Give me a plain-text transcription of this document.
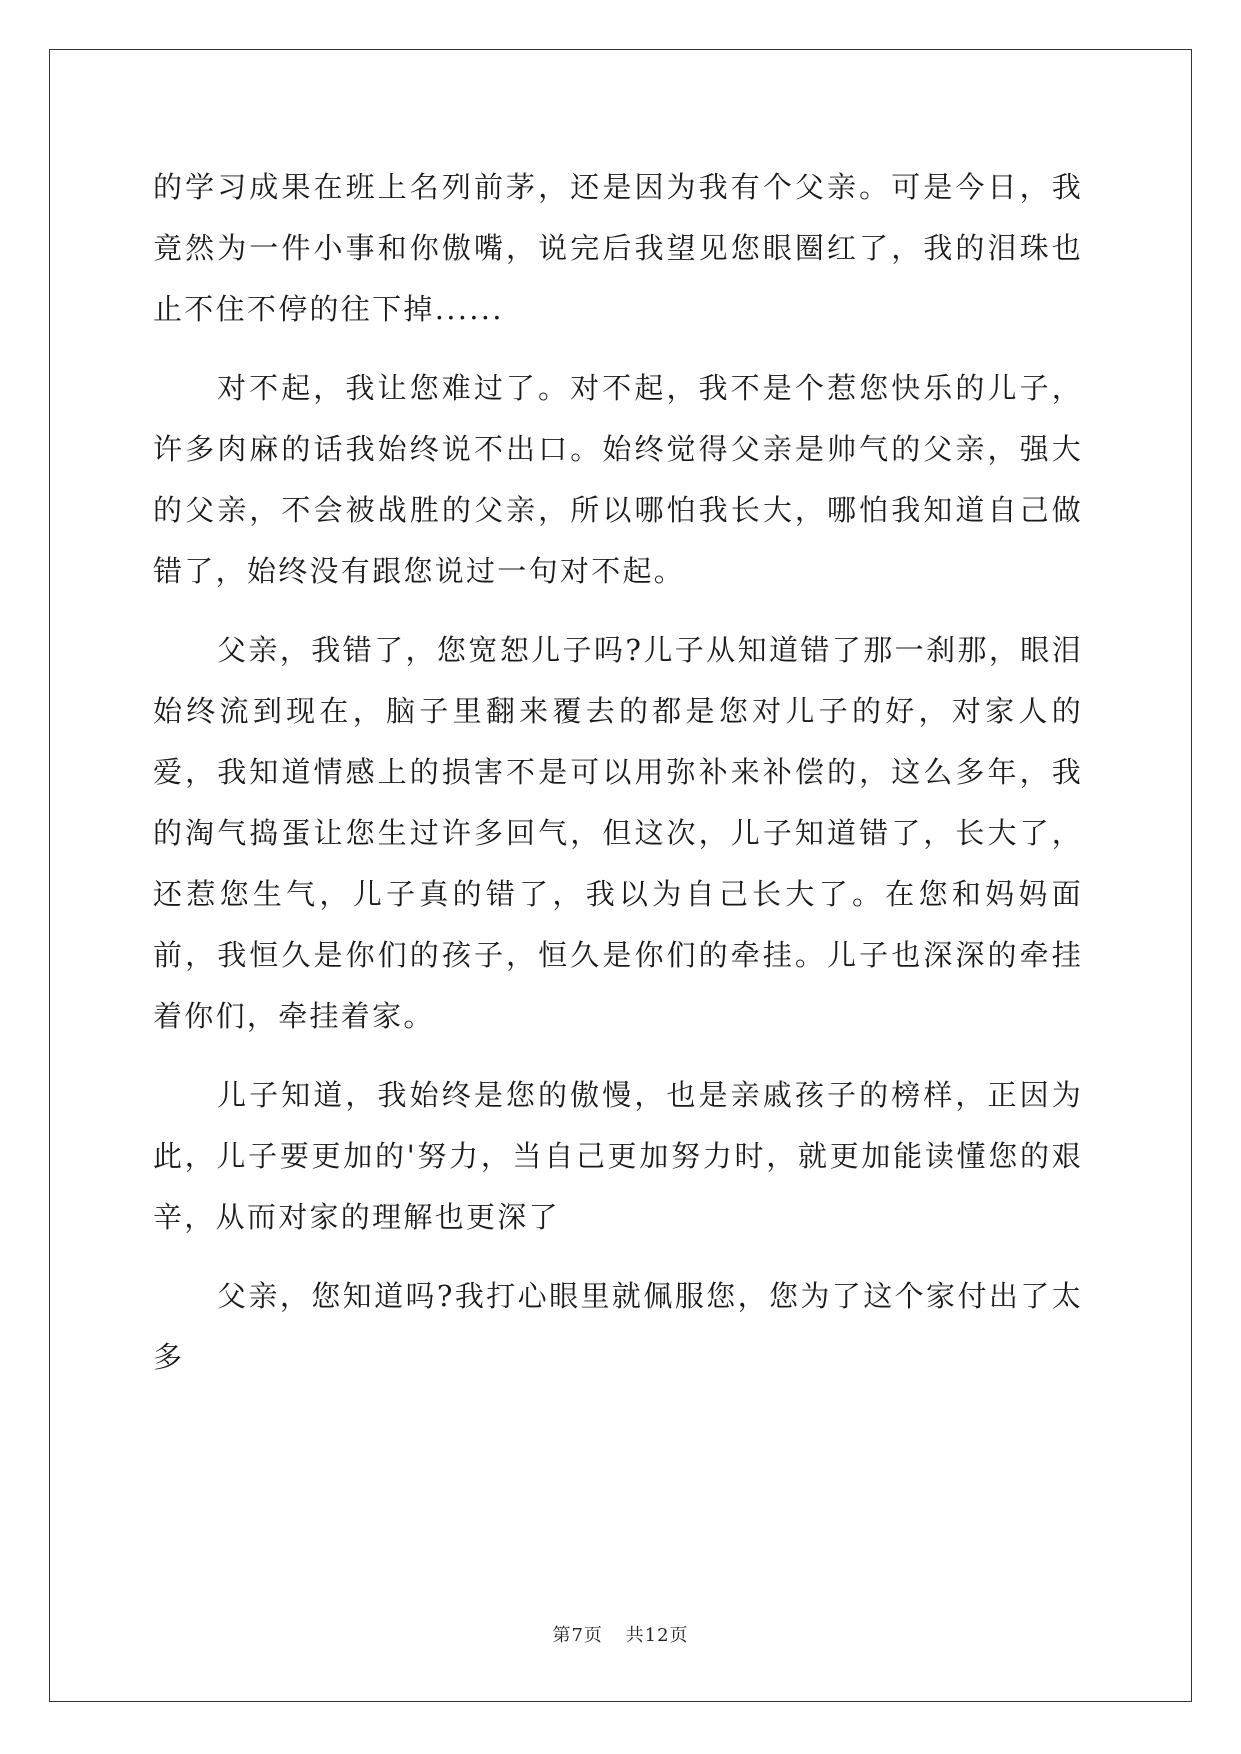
的学习成果在班上名列前茅，还是因为我有个父亲。可是今日，我竟然为一件小事和你傲嘴，说完后我望见您眼圈红了，我的泪珠也止不住不停的往下掉......

对不起，我让您难过了。对不起，我不是个惹您快乐的儿子，许多肉麻的话我始终说不出口。始终觉得父亲是帅气的父亲，强大的父亲，不会被战胜的父亲，所以哪怕我长大，哪怕我知道自己做错了，始终没有跟您说过一句对不起。

父亲，我错了，您宽恕儿子吗?儿子从知道错了那一刹那，眼泪始终流到现在，脑子里翻来覆去的都是您对儿子的好，对家人的爱，我知道情感上的损害不是可以用弥补来补偿的，这么多年，我的淘气捣蛋让您生过许多回气，但这次，儿子知道错了，长大了，还惹您生气，儿子真的错了，我以为自己长大了。在您和妈妈面前，我恒久是你们的孩子，恒久是你们的牵挂。儿子也深深的牵挂着你们，牵挂着家。

儿子知道，我始终是您的傲慢，也是亲戚孩子的榜样，正因为此，儿子要更加的'努力，当自己更加努力时，就更加能读懂您的艰辛，从而对家的理解也更深了

父亲，您知道吗?我打心眼里就佩服您，您为了这个家付出了太多

第7页 共12页
